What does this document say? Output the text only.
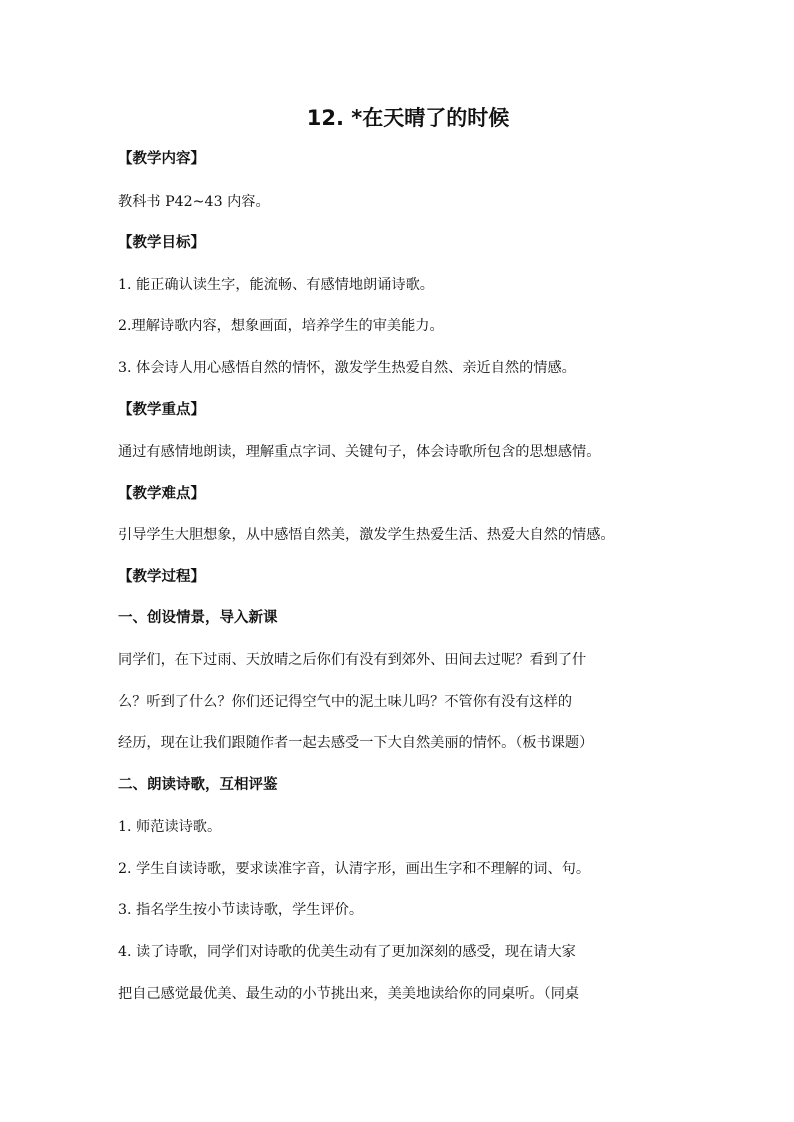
12. *在天晴了的时候
【教学内容】
教科书 P42~43 内容。
【教学目标】
1. 能正确认读生字，能流畅、有感情地朗诵诗歌。
2.理解诗歌内容，想象画面，培养学生的审美能力。
3. 体会诗人用心感悟自然的情怀，激发学生热爱自然、亲近自然的情感。
【教学重点】
通过有感情地朗读，理解重点字词、关键句子，体会诗歌所包含的思想感情。
【教学难点】
引导学生大胆想象，从中感悟自然美，激发学生热爱生活、热爱大自然的情感。
【教学过程】
一、创设情景，导入新课
同学们，在下过雨、天放晴之后你们有没有到郊外、田间去过呢？看到了什
么？听到了什么？你们还记得空气中的泥土味儿吗？不管你有没有这样的
经历，现在让我们跟随作者一起去感受一下大自然美丽的情怀。（板书课题）
二、朗读诗歌，互相评鉴
1. 师范读诗歌。
2. 学生自读诗歌，要求读准字音，认清字形，画出生字和不理解的词、句。
3. 指名学生按小节读诗歌，学生评价。
4. 读了诗歌，同学们对诗歌的优美生动有了更加深刻的感受，现在请大家
把自己感觉最优美、最生动的小节挑出来，美美地读给你的同桌听。（同桌
